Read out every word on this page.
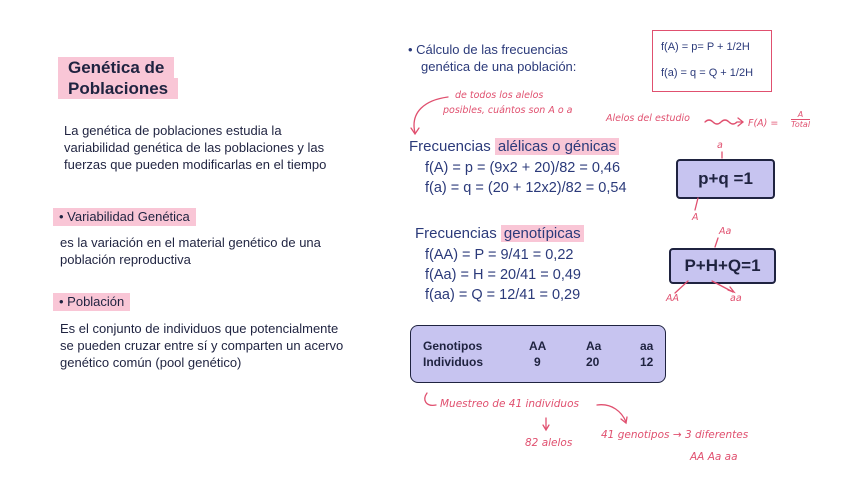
Genética de
Poblaciones
La genética de poblaciones estudia la variabilidad genética de las poblaciones y las fuerzas que pueden modificarlas en el tiempo
• Variabilidad Genética
es la variación en el material genético de una población reproductiva
• Población
Es el conjunto de individuos que potencialmente se pueden cruzar entre sí y comparten un acervo genético común (pool genético)
• Cálculo de las frecuencias
genética de una población:
f(A) = p= P + 1/2H
f(a) = q = Q + 1/2H
de todos los alelos
posibles, cuántos son A o a
Alelos del estudio	F(A) =
A
Total
Frecuencias alélicas o génicas
f(A) = p = (9x2 + 20)/82 = 0,46
f(a) = q = (20 + 12x2)/82 = 0,54	p+q =1
a
A
Frecuencias genotípicas
f(AA) = P = 9/41 = 0,22
f(Aa) = H = 20/41 = 0,49
f(aa) = Q = 12/41 = 0,29
P+H+Q=1
Aa
AA	aa
Genotipos	AA	Aa	aa
Individuos	9	20	12
Muestreo de 41 individuos
82 alelos
41 genotipos → 3 diferentes
AA Aa aa
